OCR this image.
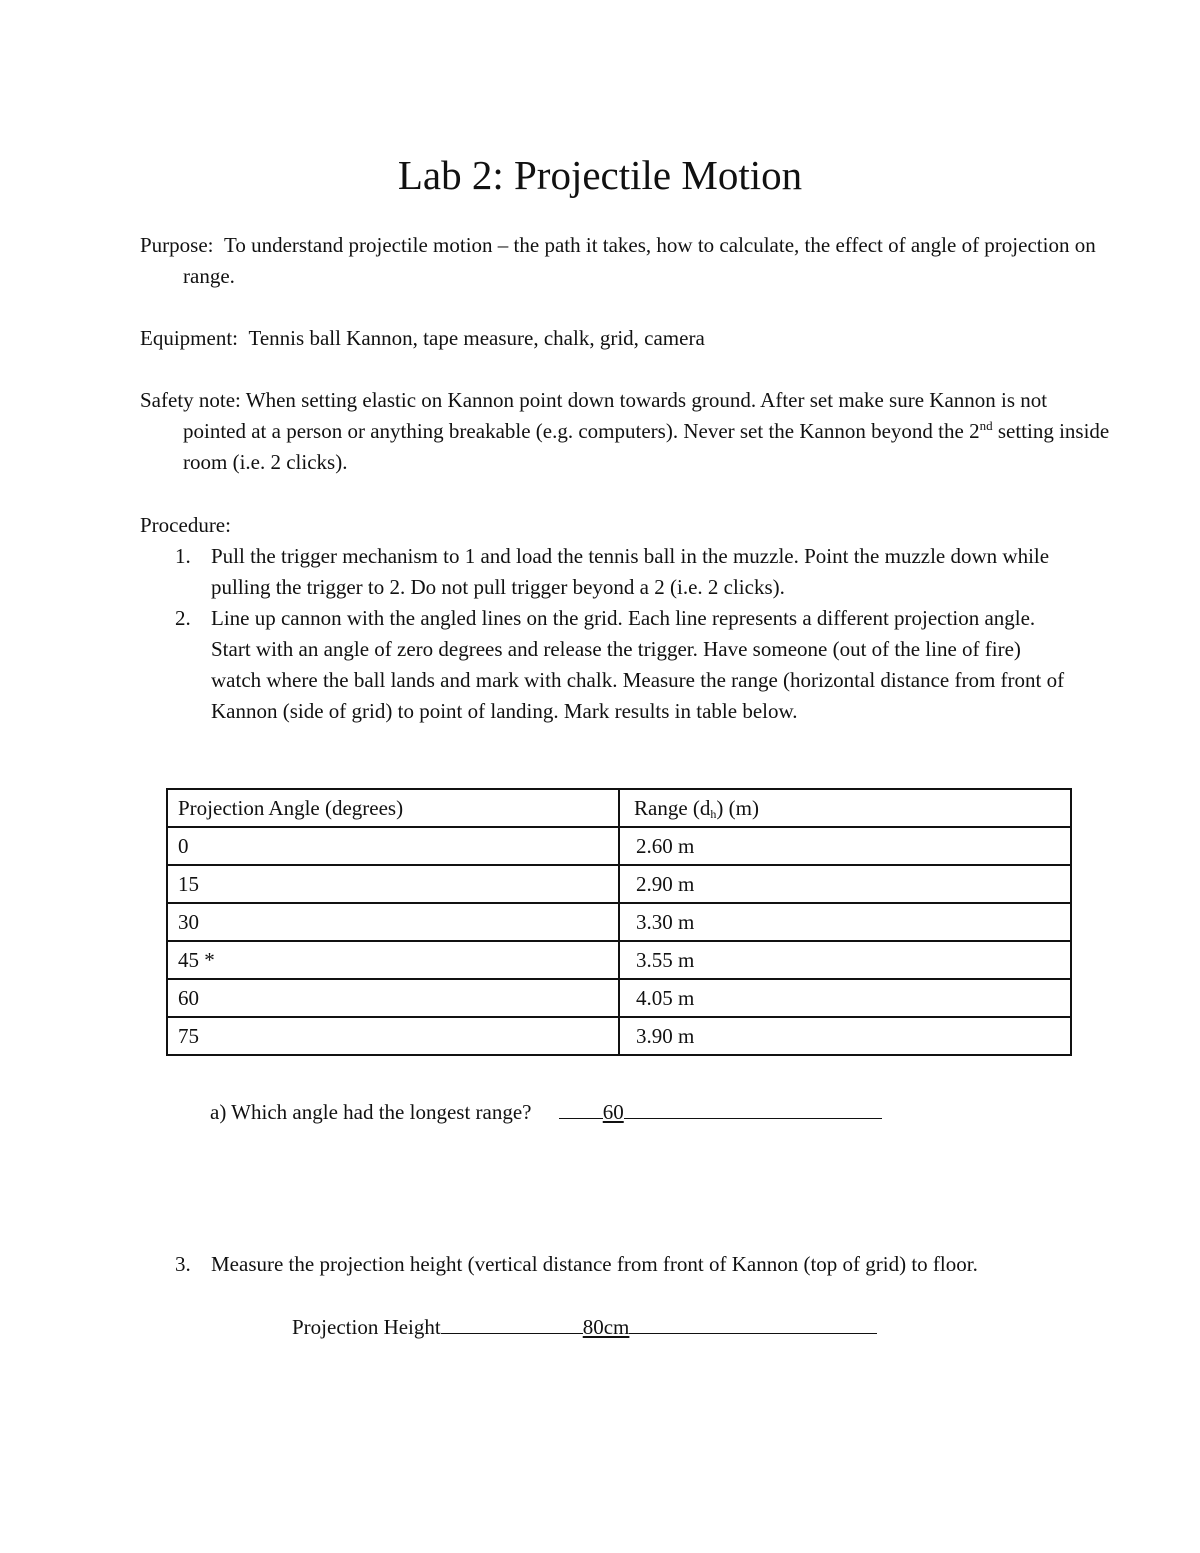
Lab 2: Projectile Motion
Purpose: To understand projectile motion – the path it takes, how to calculate, the effect of angle of projection on range.
Equipment: Tennis ball Kannon, tape measure, chalk, grid, camera
Safety note: When setting elastic on Kannon point down towards ground. After set make sure Kannon is not pointed at a person or anything breakable (e.g. computers). Never set the Kannon beyond the 2nd setting inside room (i.e. 2 clicks).
Procedure:
1. Pull the trigger mechanism to 1 and load the tennis ball in the muzzle. Point the muzzle down while pulling the trigger to 2. Do not pull trigger beyond a 2 (i.e. 2 clicks).
2. Line up cannon with the angled lines on the grid. Each line represents a different projection angle. Start with an angle of zero degrees and release the trigger. Have someone (out of the line of fire) watch where the ball lands and mark with chalk. Measure the range (horizontal distance from front of Kannon (side of grid) to point of landing. Mark results in table below.
Projection Angle (degrees)	Range $(d_h)$ (m)
0	2.60 m
15	2.90 m
30	3.30 m
45 *	3.55 m
60	4.05 m
75	3.90 m
a) Which angle had the longest range?	60
3. Measure the projection height (vertical distance from front of Kannon (top of grid) to floor.
Projection Height	80cm
